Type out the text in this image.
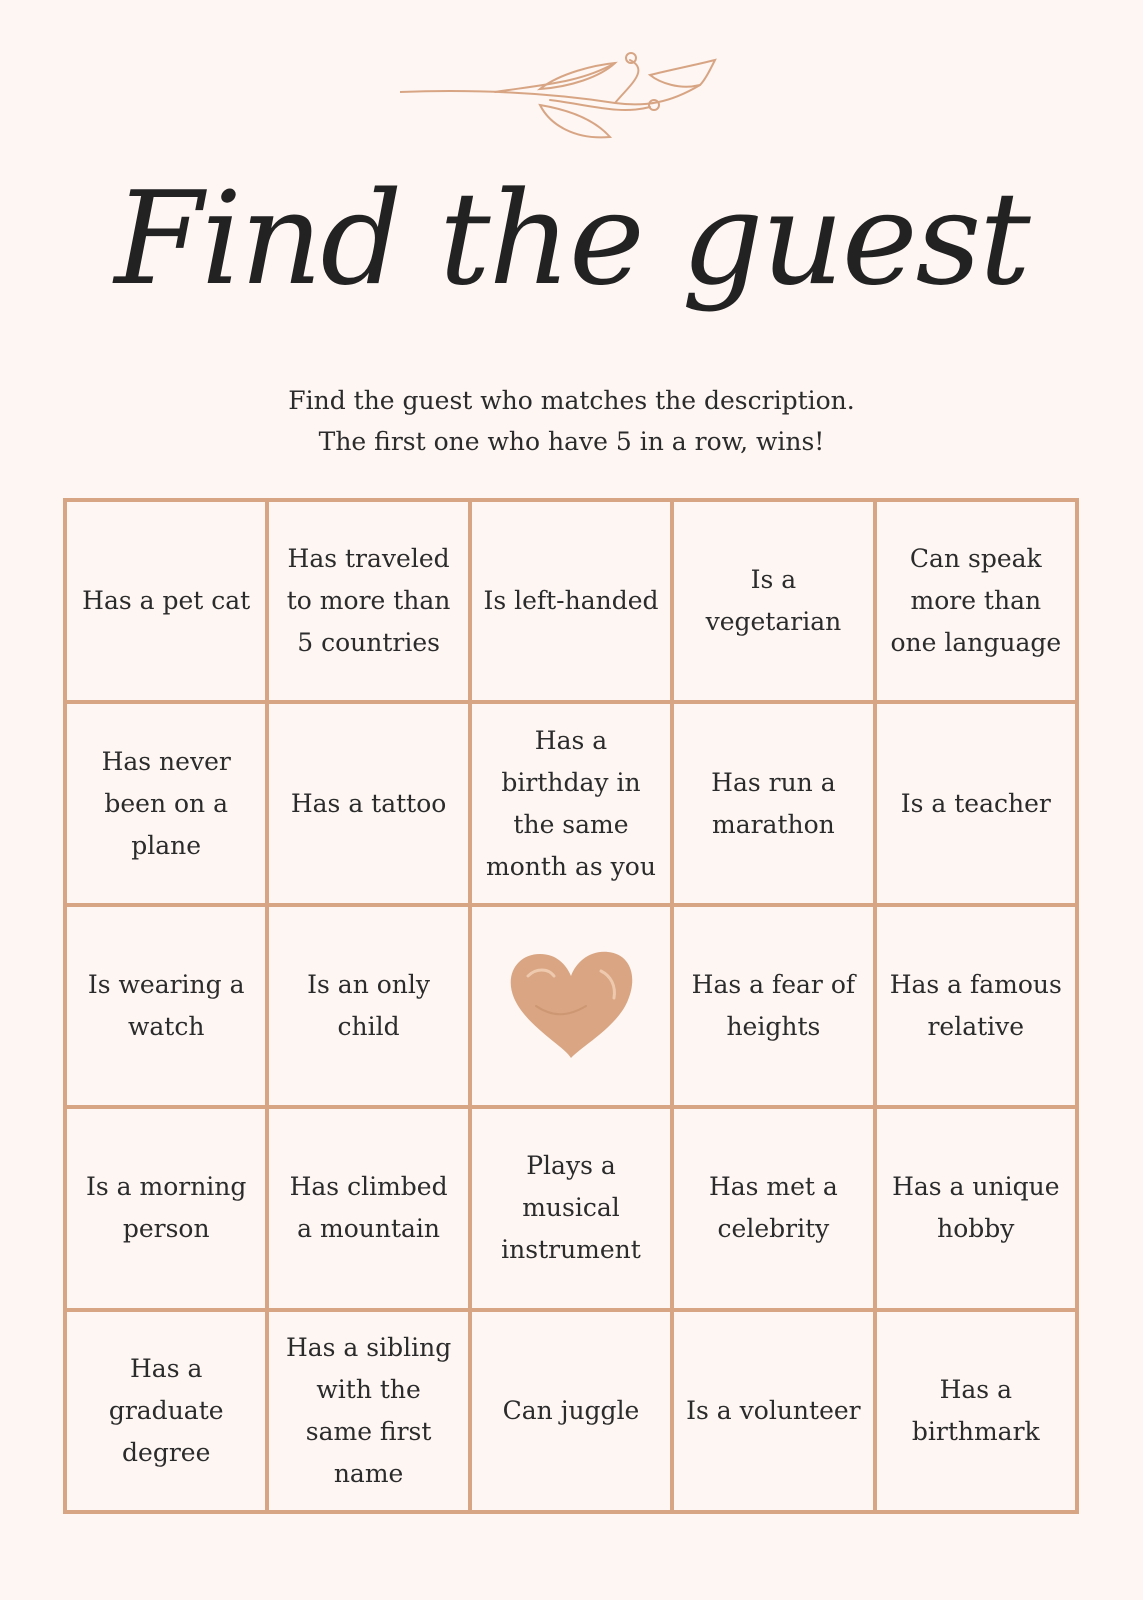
Find the guest
Find the guest who matches the description.
The first one who have 5 in a row, wins!
Has a pet cat
Has traveled to more than 5 countries
Is left-handed
Is a vegetarian
Can speak more than one language
Has never been on a plane
Has a tattoo
Has a birthday in the same month as you
Has run a marathon
Is a teacher
Is wearing a watch
Is an only child
Has a fear of heights
Has a famous relative
Is a morning person
Has climbed a mountain
Plays a musical instrument
Has met a celebrity
Has a unique hobby
Has a graduate degree
Has a sibling with the same first name
Can juggle Is a volunteer
Has a birthmark
